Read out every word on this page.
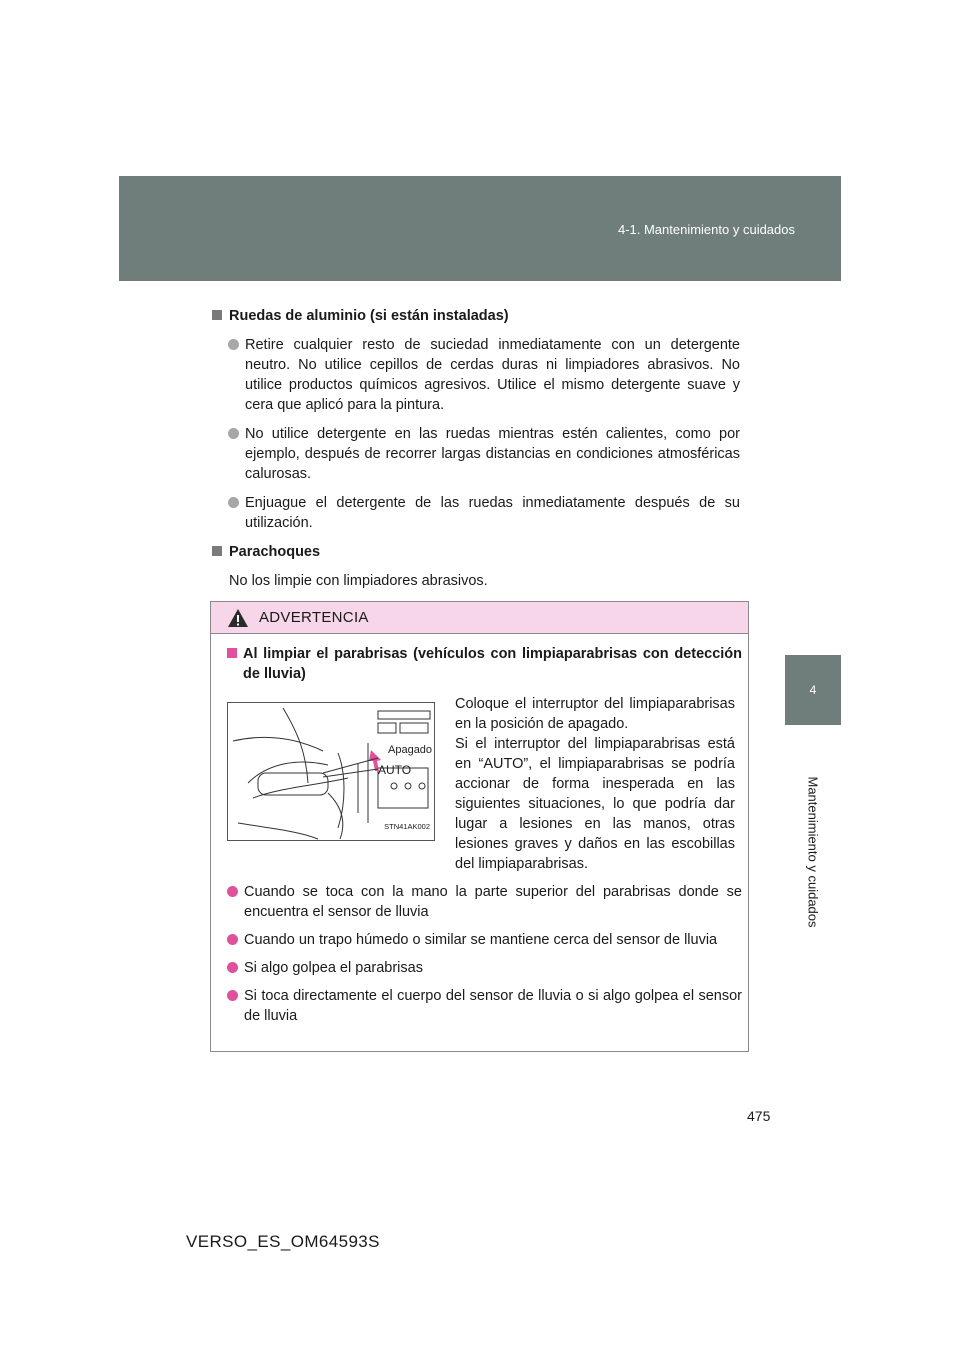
4-1. Mantenimiento y cuidados
4
Mantenimiento y cuidados
Ruedas de aluminio (si están instaladas)
Retire cualquier resto de suciedad inmediatamente con un detergente neutro. No utilice cepillos de cerdas duras ni limpiadores abrasivos. No utilice productos químicos agresivos. Utilice el mismo detergente suave y cera que aplicó para la pintura.
No utilice detergente en las ruedas mientras estén calientes, como por ejemplo, después de recorrer largas distancias en condiciones atmosféricas calurosas.
Enjuague el detergente de las ruedas inmediatamente después de su utilización.
Parachoques
No los limpie con limpiadores abrasivos.
ADVERTENCIA
Al limpiar el parabrisas (vehículos con limpiaparabrisas con detección de lluvia)
Apagado
AUTO
STN41AK002
Coloque el interruptor del limpiaparabrisas en la posición de apagado.
Si el interruptor del limpiaparabrisas está en “AUTO”, el limpiaparabrisas se podría accionar de forma inesperada en las siguientes situaciones, lo que podría dar lugar a lesiones en las manos, otras lesiones graves y daños en las escobillas del limpiaparabrisas.
Cuando se toca con la mano la parte superior del parabrisas donde se encuentra el sensor de lluvia
Cuando un trapo húmedo o similar se mantiene cerca del sensor de lluvia
Si algo golpea el parabrisas
Si toca directamente el cuerpo del sensor de lluvia o si algo golpea el sensor de lluvia
475
VERSO_ES_OM64593S
